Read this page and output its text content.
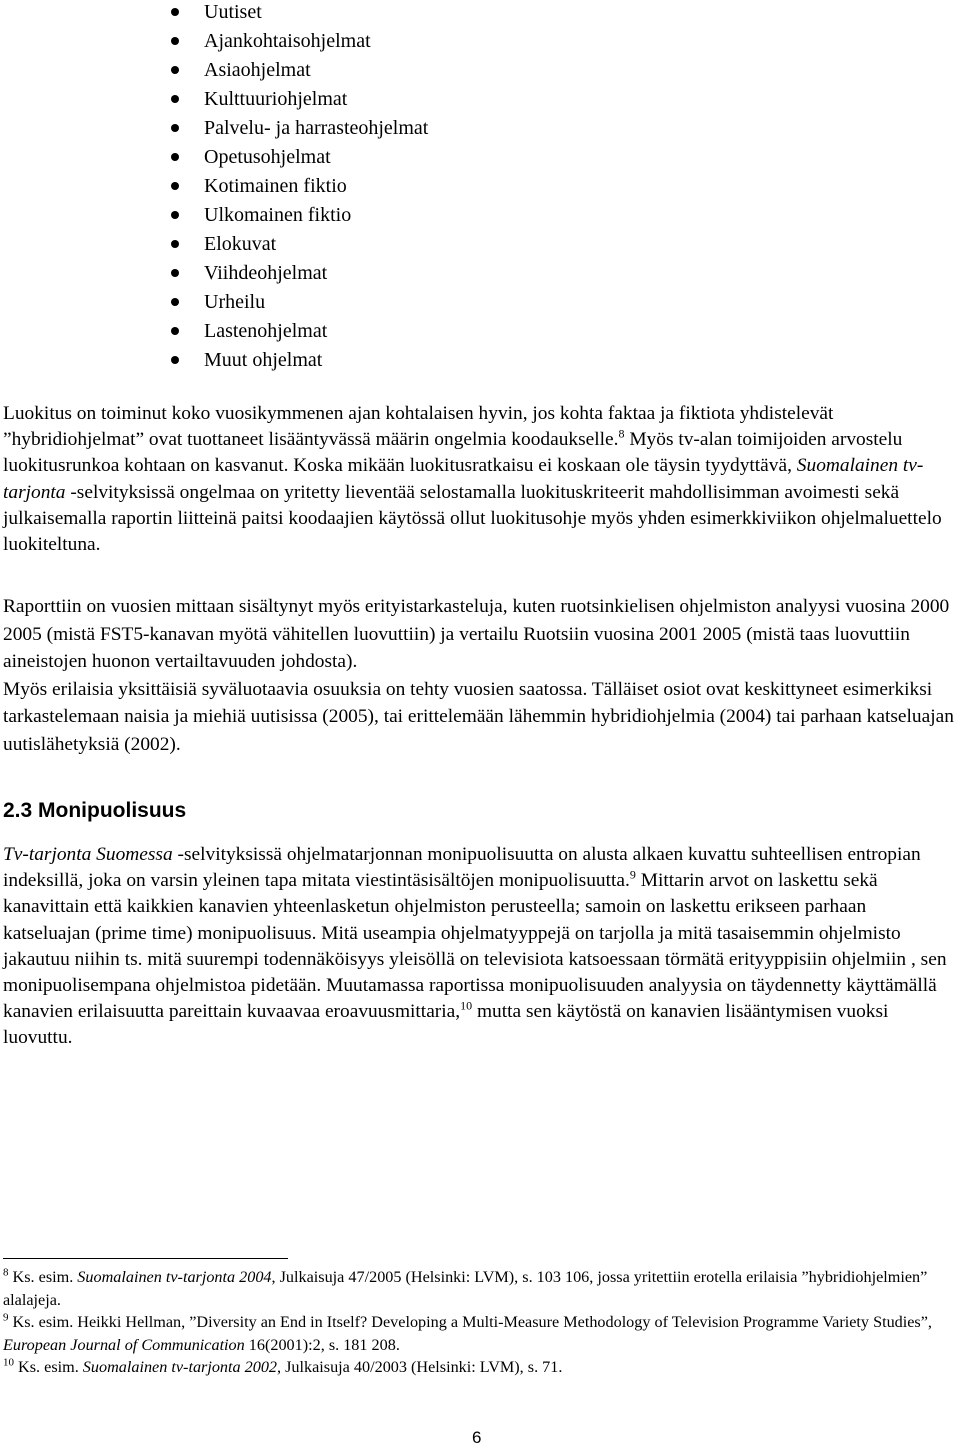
Uutiset
Ajankohtaisohjelmat
Asiaohjelmat
Kulttuuriohjelmat
Palvelu- ja harrasteohjelmat
Opetusohjelmat
Kotimainen fiktio
Ulkomainen fiktio
Elokuvat
Viihdeohjelmat
Urheilu
Lastenohjelmat
Muut ohjelmat

Luokitus on toiminut koko vuosikymmenen ajan kohtalaisen hyvin, jos kohta faktaa ja fiktiota yhdistelevät ”hybridiohjelmat” ovat tuottaneet lisääntyvässä määrin ongelmia koodaukselle.$^8$ Myös tv-alan toimijoiden arvostelu luokitusrunkoa kohtaan on kasvanut. Koska mikään luokitusratkaisu ei koskaan ole täysin tyydyttävä, Suomalainen tv-tarjonta -selvityksissä ongelmaa on yritetty lieventää selostamalla luokituskriteerit mahdollisimman avoimesti sekä julkaisemalla raportin liitteinä paitsi koodaajien käytössä ollut luokitusohje myös yhden esimerkkiviikon ohjelmaluettelo luokiteltuna.

Raporttiin on vuosien mittaan sisältynyt myös erityistarkasteluja, kuten ruotsinkielisen ohjelmiston analyysi vuosina 2000 2005 (mistä FST5-kanavan myötä vähitellen luovuttiin) ja vertailu Ruotsiin vuosina 2001 2005 (mistä taas luovuttiin aineistojen huonon vertailtavuuden johdosta).
Myös erilaisia yksittäisiä syväluotaavia osuuksia on tehty vuosien saatossa. Tälläiset osiot ovat keskittyneet esimerkiksi tarkastelemaan naisia ja miehiä uutisissa (2005), tai erittelemään lähemmin hybridiohjelmia (2004) tai parhaan katseluajan uutislähetyksiä (2002).

2.3 Monipuolisuus

Tv-tarjonta Suomessa -selvityksissä ohjelmatarjonnan monipuolisuutta on alusta alkaen kuvattu suhteellisen entropian indeksillä, joka on varsin yleinen tapa mitata viestintäsisältöjen monipuolisuutta.$^9$ Mittarin arvot on laskettu sekä kanavittain että kaikkien kanavien yhteenlasketun ohjelmiston perusteella; samoin on laskettu erikseen parhaan katseluajan (prime time) monipuolisuus. Mitä useampia ohjelmatyyppejä on tarjolla ja mitä tasaisemmin ohjelmisto jakautuu niihin ts. mitä suurempi todennäköisyys yleisöllä on televisiota katsoessaan törmätä erityyppisiin ohjelmiin , sen monipuolisempana ohjelmistoa pidetään. Muutamassa raportissa monipuolisuuden analyysia on täydennetty käyttämällä kanavien erilaisuutta pareittain kuvaavaa eroavuusmittaria,$^{10}$ mutta sen käytöstä on kanavien lisääntymisen vuoksi luovuttu.

$^8$ Ks. esim. Suomalainen tv-tarjonta 2004, Julkaisuja 47/2005 (Helsinki: LVM), s. 103 106, jossa yritettiin erotella erilaisia ”hybridiohjelmien” alalajeja.

$^9$ Ks. esim. Heikki Hellman, ”Diversity an End in Itself? Developing a Multi-Measure Methodology of Television Programme Variety Studies”, European Journal of Communication 16(2001):2, s. 181 208.

$^{10}$ Ks. esim. Suomalainen tv-tarjonta 2002, Julkaisuja 40/2003 (Helsinki: LVM), s. 71.

6
